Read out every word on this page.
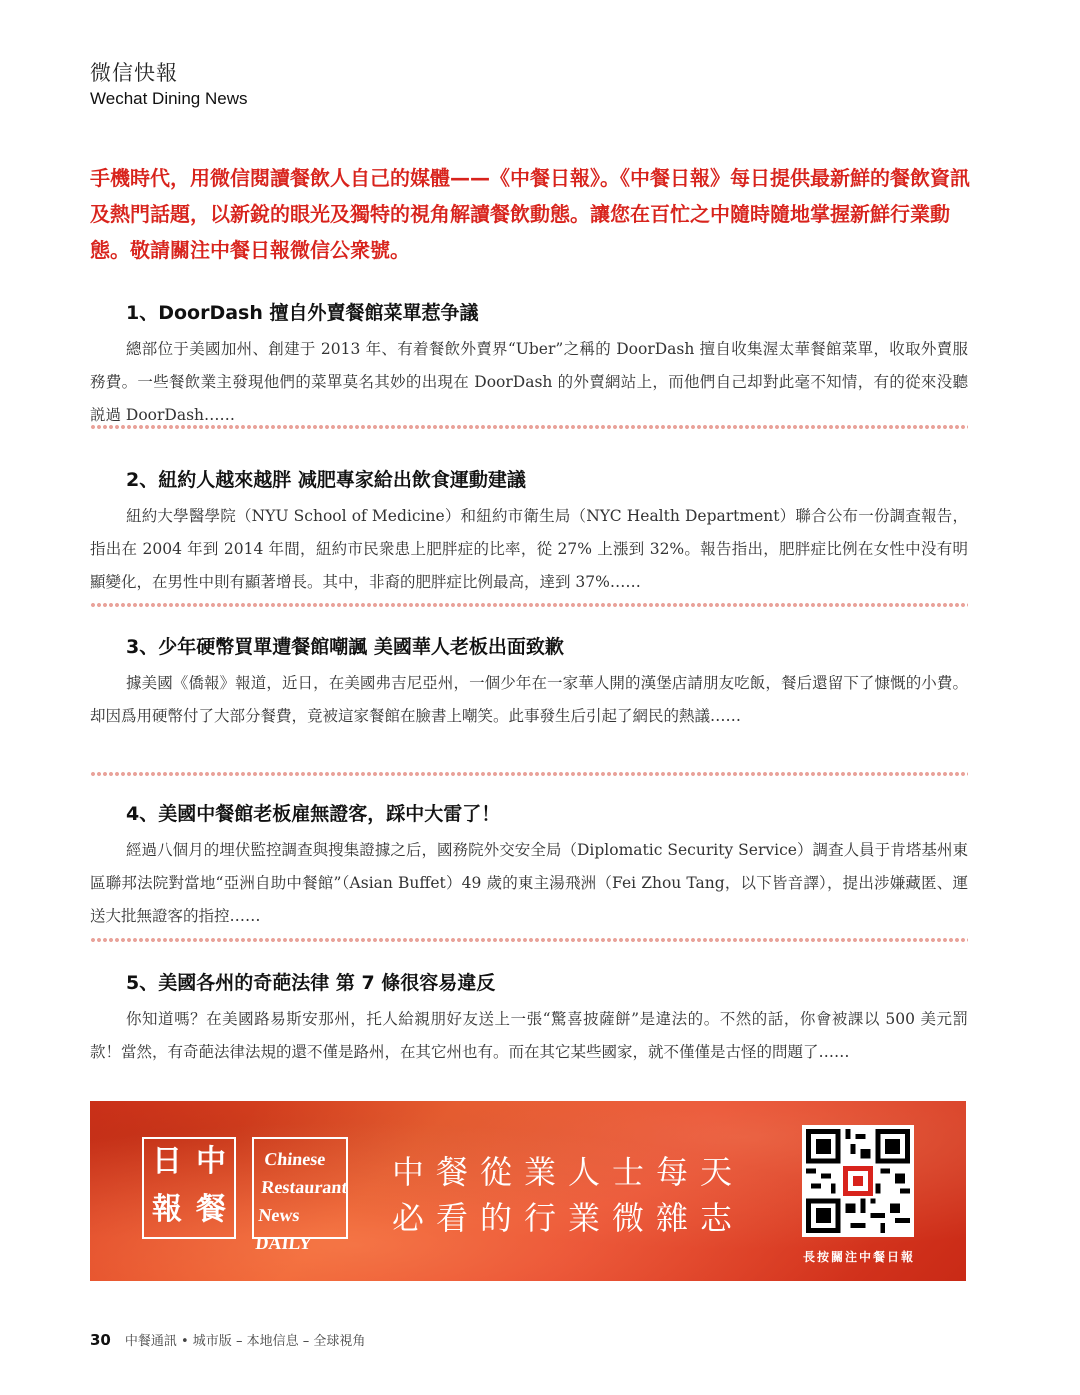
微信快報
Wechat Dining News
手機時代，用微信閱讀餐飲人自己的媒體——《中餐日報》。《中餐日報》每日提供最新鮮的餐飲資訊及熱門話題，以新銳的眼光及獨特的視角解讀餐飲動態。讓您在百忙之中隨時隨地掌握新鮮行業動態。敬請關注中餐日報微信公衆號。
1、DoorDash 擅自外賣餐館菜單惹争議

總部位于美國加州、創建于 2013 年、有着餐飲外賣界“Uber”之稱的 DoorDash 擅自收集渥太華餐館菜單，收取外賣服務費。一些餐飲業主發現他們的菜單莫名其妙的出現在 DoorDash 的外賣網站上，而他們自己却對此毫不知情，有的從來没聽説過 DoorDash……

2、紐約人越來越胖 减肥專家給出飲食運動建議

紐約大學醫學院（NYU School of Medicine）和紐約市衛生局（NYC Health Department）聯合公布一份調查報告，指出在 2004 年到 2014 年間，紐約市民衆患上肥胖症的比率，從 27% 上漲到 32%。報告指出，肥胖症比例在女性中没有明顯變化，在男性中則有顯著增長。其中，非裔的肥胖症比例最高，達到 37%……

3、少年硬幣買單遭餐館嘲諷 美國華人老板出面致歉

據美國《僑報》報道，近日，在美國弗吉尼亞州，一個少年在一家華人開的漢堡店請朋友吃飯，餐后還留下了慷慨的小費。却因爲用硬幣付了大部分餐費，竟被這家餐館在臉書上嘲笑。此事發生后引起了網民的熱議……

4、美國中餐館老板雇無證客，踩中大雷了！

經過八個月的埋伏監控調查與搜集證據之后，國務院外交安全局（Diplomatic Security Service）調查人員于肯塔基州東區聯邦法院對當地“亞洲自助中餐館”（Asian Buffet）49 歲的東主湯飛洲（Fei Zhou Tang，以下皆音譯），提出涉嫌藏匿、運送大批無證客的指控……

5、美國各州的奇葩法律 第 7 條很容易違反

你知道嗎？在美國路易斯安那州，托人給親朋好友送上一張“驚喜披薩餅”是違法的。不然的話，你會被課以 500 美元罰款！當然，有奇葩法律法規的還不僅是路州，在其它州也有。而在其它某些國家，就不僅僅是古怪的問題了……

日 中
報 餐
Chinese
Restaurant
News DAILY
中餐從業人士每天
必看的行業微雜志
長按關注中餐日報
30 中餐通訊 • 城市版 – 本地信息 – 全球視角
